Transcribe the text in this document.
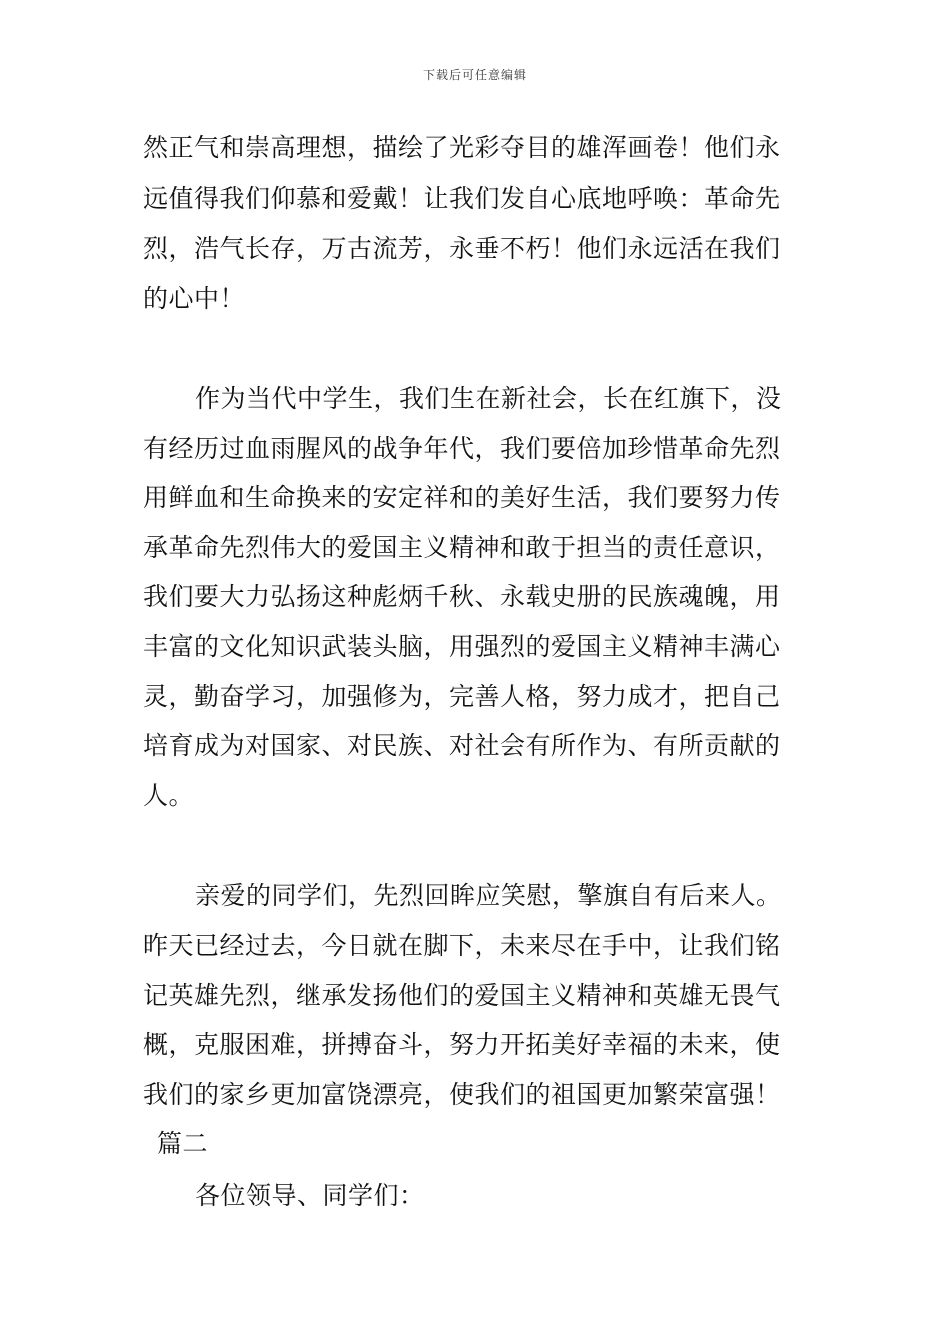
下载后可任意编辑
然正气和崇高理想，描绘了光彩夺目的雄浑画卷！他们永
远值得我们仰慕和爱戴！让我们发自心底地呼唤：革命先
烈，浩气长存，万古流芳，永垂不朽！他们永远活在我们
的心中！
作为当代中学生，我们生在新社会，长在红旗下，没
有经历过血雨腥风的战争年代，我们要倍加珍惜革命先烈
用鲜血和生命换来的安定祥和的美好生活，我们要努力传
承革命先烈伟大的爱国主义精神和敢于担当的责任意识，
我们要大力弘扬这种彪炳千秋、永载史册的民族魂魄，用
丰富的文化知识武装头脑，用强烈的爱国主义精神丰满心
灵，勤奋学习，加强修为，完善人格，努力成才，把自己
培育成为对国家、对民族、对社会有所作为、有所贡献的
人。
亲爱的同学们，先烈回眸应笑慰，擎旗自有后来人。
昨天已经过去，今日就在脚下，未来尽在手中，让我们铭
记英雄先烈，继承发扬他们的爱国主义精神和英雄无畏气
概，克服困难，拼搏奋斗，努力开拓美好幸福的未来，使
我们的家乡更加富饶漂亮，使我们的祖国更加繁荣富强！
篇二
各位领导、同学们：
